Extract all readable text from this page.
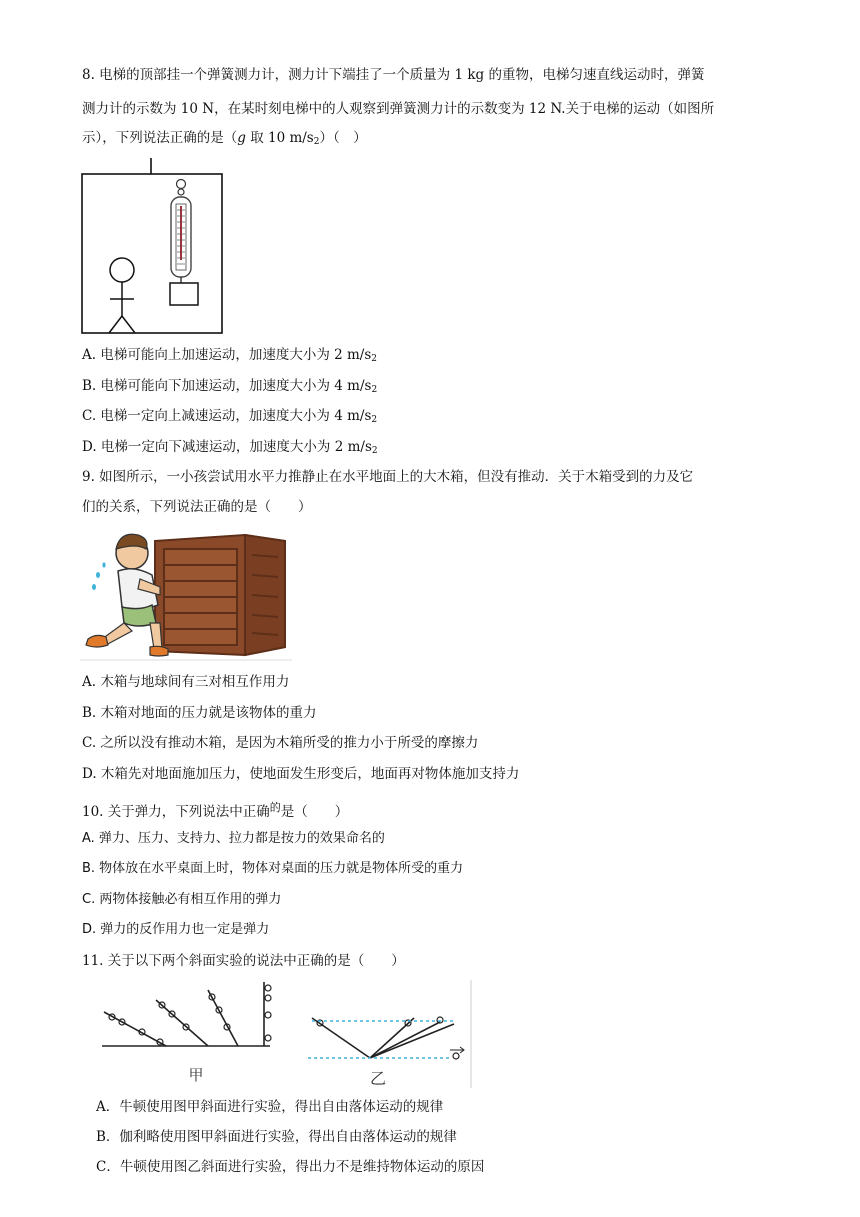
8. 电梯的顶部挂一个弹簧测力计，测力计下端挂了一个质量为 1 kg 的重物，电梯匀速直线运动时，弹簧
测力计的示数为 10 N，在某时刻电梯中的人观察到弹簧测力计的示数变为 12 N.关于电梯的运动（如图所
示），下列说法正确的是（g 取 10 $m/s_2$）（　）
A. 电梯可能向上加速运动，加速度大小为 2 $m/s_2$
B. 电梯可能向下加速运动，加速度大小为 4 $m/s_2$
C. 电梯一定向上减速运动，加速度大小为 4 $m/s_2$
D. 电梯一定向下减速运动，加速度大小为 2 $m/s_2$
9. 如图所示，一小孩尝试用水平力推静止在水平地面上的大木箱，但没有推动．关于木箱受到的力及它
们的关系，下列说法正确的是（　　）
A. 木箱与地球间有三对相互作用力
B. 木箱对地面的压力就是该物体的重力
C. 之所以没有推动木箱，是因为木箱所受的推力小于所受的摩擦力
D. 木箱先对地面施加压力，使地面发生形变后，地面再对物体施加支持力
10. 关于弹力，下列说法中正确$^的$是（　　）
A. 弹力、压力、支持力、拉力都是按力的效果命名的
B. 物体放在水平桌面上时，物体对桌面的压力就是物体所受的重力
C. 两物体接触必有相互作用的弹力
D. 弹力的反作用力也一定是弹力
11. 关于以下两个斜面实验的说法中正确的是（　　）
甲	乙
A．牛顿使用图甲斜面进行实验，得出自由落体运动的规律
B．伽利略使用图甲斜面进行实验，得出自由落体运动的规律
C．牛顿使用图乙斜面进行实验，得出力不是维持物体运动的原因
